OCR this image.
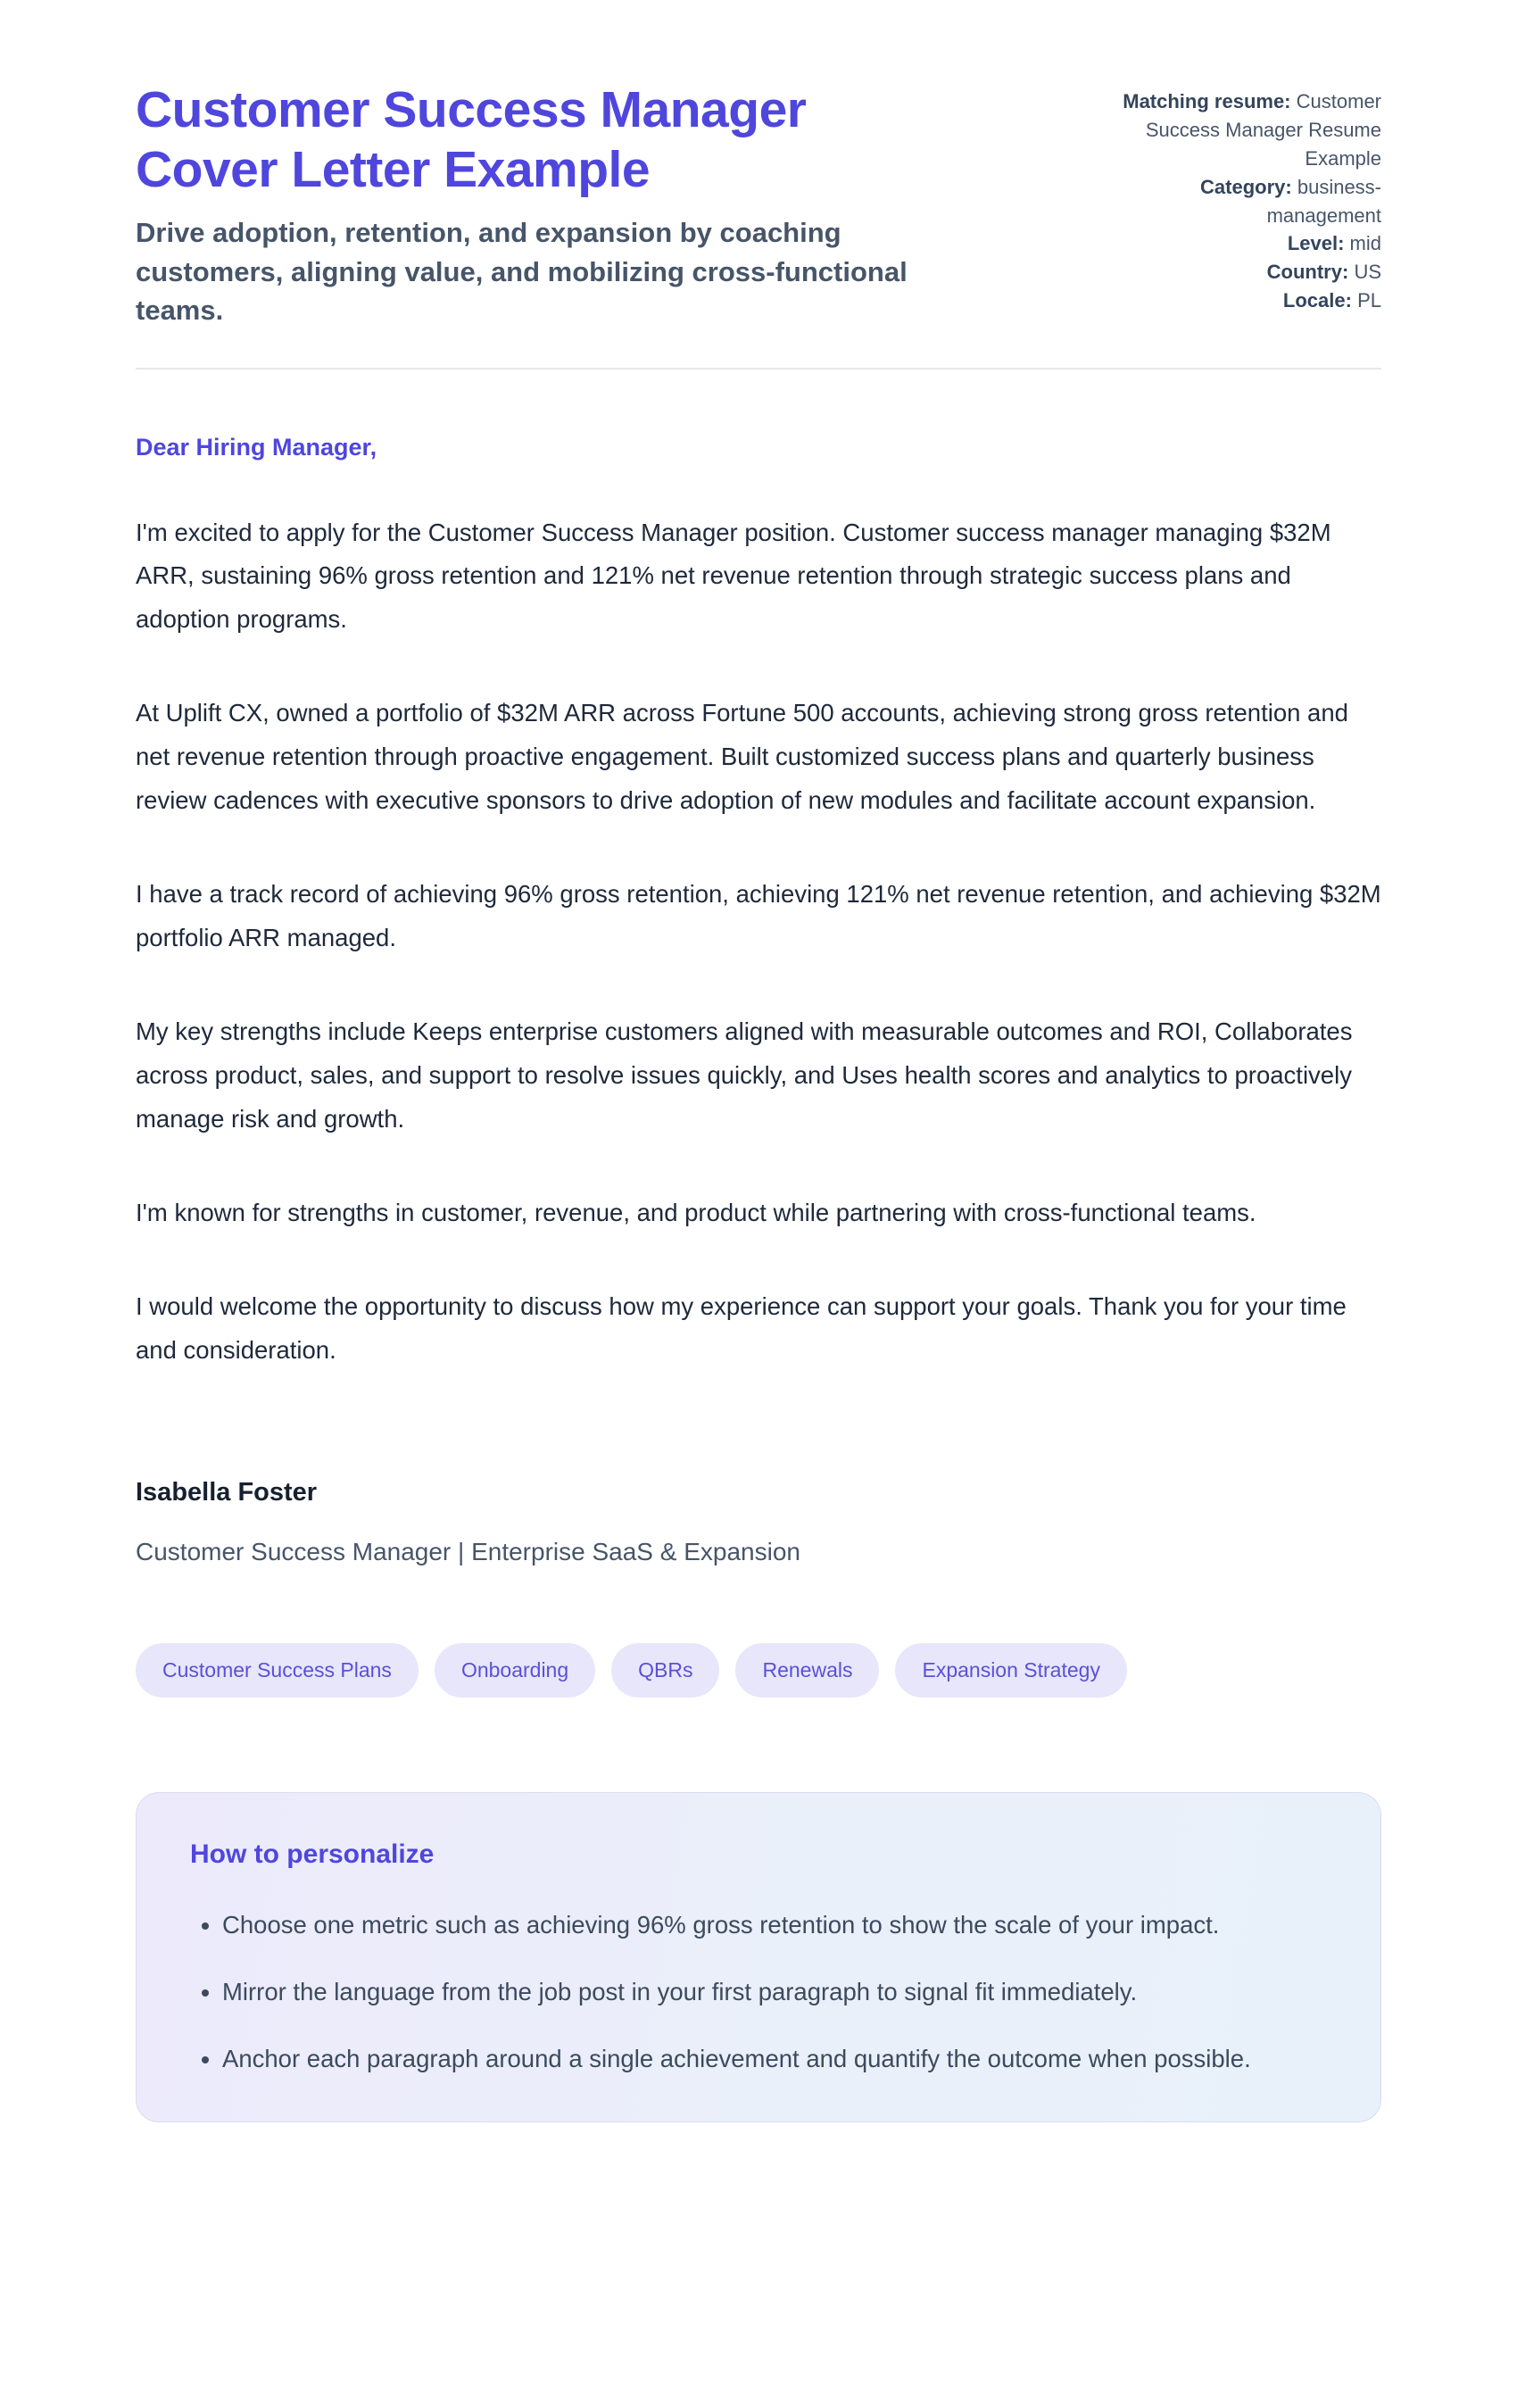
Customer Success Manager Cover Letter Example

Drive adoption, retention, and expansion by coaching customers, aligning value, and mobilizing cross-functional teams.

Matching resume: Customer Success Manager Resume Example
Category: business-management
Level: mid
Country: US
Locale: PL

Dear Hiring Manager,

I'm excited to apply for the Customer Success Manager position. Customer success manager managing $32M ARR, sustaining 96% gross retention and 121% net revenue retention through strategic success plans and adoption programs.

At Uplift CX, owned a portfolio of $32M ARR across Fortune 500 accounts, achieving strong gross retention and net revenue retention through proactive engagement. Built customized success plans and quarterly business review cadences with executive sponsors to drive adoption of new modules and facilitate account expansion.

I have a track record of achieving 96% gross retention, achieving 121% net revenue retention, and achieving $32M portfolio ARR managed.

My key strengths include Keeps enterprise customers aligned with measurable outcomes and ROI, Collaborates across product, sales, and support to resolve issues quickly, and Uses health scores and analytics to proactively manage risk and growth.

I'm known for strengths in customer, revenue, and product while partnering with cross-functional teams.

I would welcome the opportunity to discuss how my experience can support your goals. Thank you for your time and consideration.

Isabella Foster

Customer Success Manager | Enterprise SaaS & Expansion

Customer Success Plans	Onboarding	QBRs	Renewals	Expansion Strategy
How to personalize
• Choose one metric such as achieving 96% gross retention to show the scale of your impact.
• Mirror the language from the job post in your first paragraph to signal fit immediately.
• Anchor each paragraph around a single achievement and quantify the outcome when possible.
